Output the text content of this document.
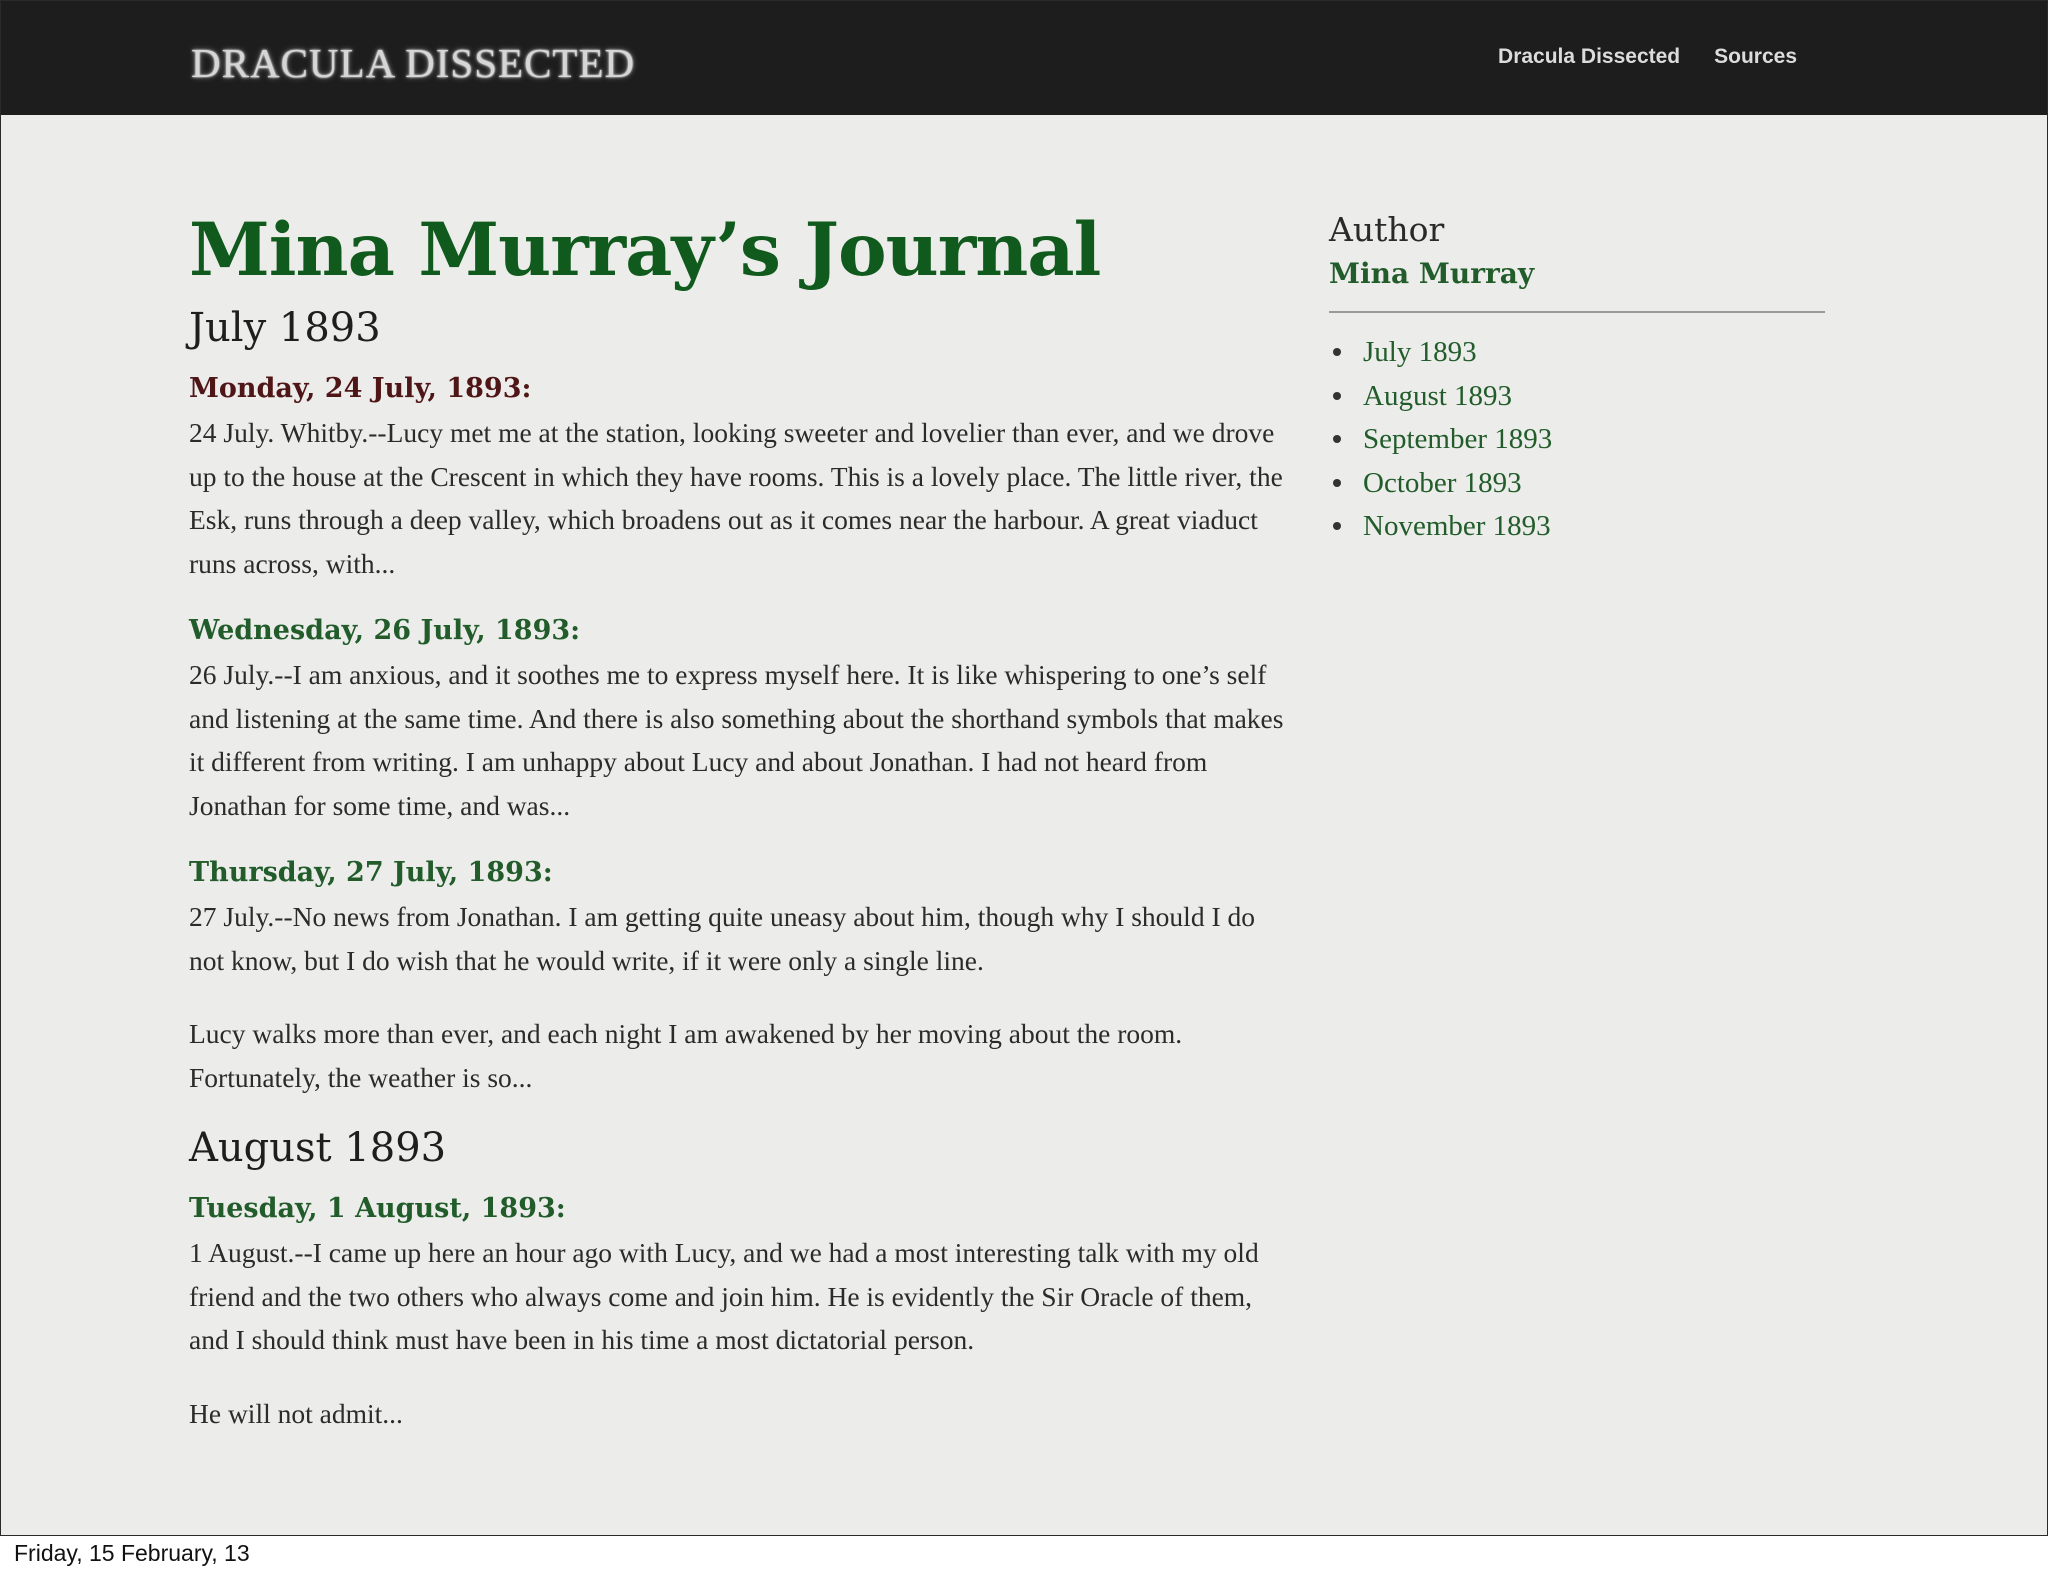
DRACULA DISSECTED	Dracula Dissected Sources
Mina Murray’s Journal
July 1893
Monday, 24 July, 1893:

24 July. Whitby.--Lucy met me at the station, looking sweeter and lovelier than ever, and we drove up to the house at the Crescent in which they have rooms. This is a lovely place. The little river, the Esk, runs through a deep valley, which broadens out as it comes near the harbour. A great viaduct runs across, with...

Wednesday, 26 July, 1893:

26 July.--I am anxious, and it soothes me to express myself here. It is like whispering to one’s self and listening at the same time. And there is also something about the shorthand symbols that makes it different from writing. I am unhappy about Lucy and about Jonathan. I had not heard from Jonathan for some time, and was...

Thursday, 27 July, 1893:

27 July.--No news from Jonathan. I am getting quite uneasy about him, though why I should I do not know, but I do wish that he would write, if it were only a single line.

Lucy walks more than ever, and each night I am awakened by her moving about the room. Fortunately, the weather is so...

August 1893
Tuesday, 1 August, 1893:

1 August.--I came up here an hour ago with Lucy, and we had a most interesting talk with my old friend and the two others who always come and join him. He is evidently the Sir Oracle of them, and I should think must have been in his time a most dictatorial person.

He will not admit...

Author
Mina Murray
July 1893
August 1893
September 1893
October 1893
November 1893
Friday, 15 February, 13
